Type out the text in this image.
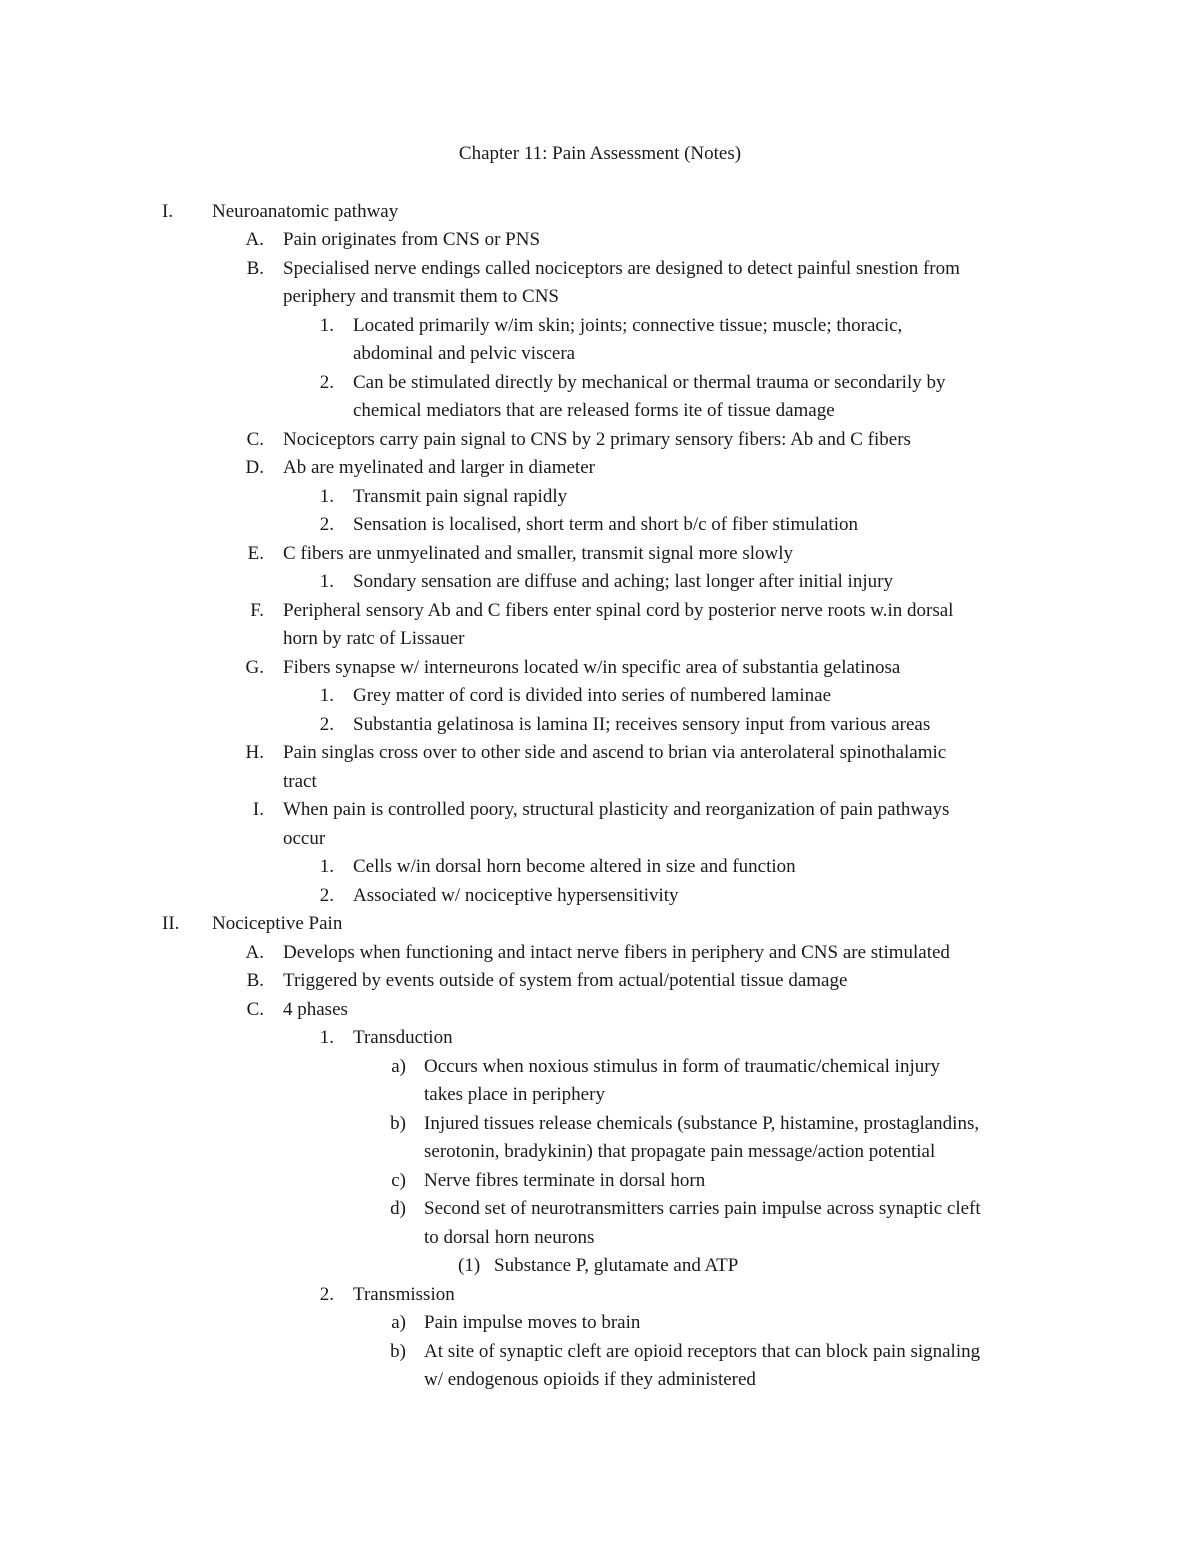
Chapter 11: Pain Assessment (Notes)
I. Neuroanatomic pathway
A. Pain originates from CNS or PNS
B. Specialised nerve endings called nociceptors are designed to detect painful snestion from
periphery and transmit them to CNS
1. Located primarily w/im skin; joints; connective tissue; muscle; thoracic,
abdominal and pelvic viscera
2. Can be stimulated directly by mechanical or thermal trauma or secondarily by
chemical mediators that are released forms ite of tissue damage
C. Nociceptors carry pain signal to CNS by 2 primary sensory fibers: Ab and C fibers
D. Ab are myelinated and larger in diameter
1. Transmit pain signal rapidly
2. Sensation is localised, short term and short b/c of fiber stimulation
E. C fibers are unmyelinated and smaller, transmit signal more slowly
1. Sondary sensation are diffuse and aching; last longer after initial injury
F. Peripheral sensory Ab and C fibers enter spinal cord by posterior nerve roots w.in dorsal
horn by ratc of Lissauer
G. Fibers synapse w/ interneurons located w/in specific area of substantia gelatinosa
1. Grey matter of cord is divided into series of numbered laminae
2. Substantia gelatinosa is lamina II; receives sensory input from various areas
H. Pain singlas cross over to other side and ascend to brian via anterolateral spinothalamic
tract
I. When pain is controlled poory, structural plasticity and reorganization of pain pathways
occur
1. Cells w/in dorsal horn become altered in size and function
2. Associated w/ nociceptive hypersensitivity
II. Nociceptive Pain
A. Develops when functioning and intact nerve fibers in periphery and CNS are stimulated
B. Triggered by events outside of system from actual/potential tissue damage
C. 4 phases
1. Transduction
a) Occurs when noxious stimulus in form of traumatic/chemical injury
takes place in periphery
b) Injured tissues release chemicals (substance P, histamine, prostaglandins,
serotonin, bradykinin) that propagate pain message/action potential
c) Nerve fibres terminate in dorsal horn
d) Second set of neurotransmitters carries pain impulse across synaptic cleft
to dorsal horn neurons
(1) Substance P, glutamate and ATP
2. Transmission
a) Pain impulse moves to brain
b) At site of synaptic cleft are opioid receptors that can block pain signaling
w/ endogenous opioids if they administered
